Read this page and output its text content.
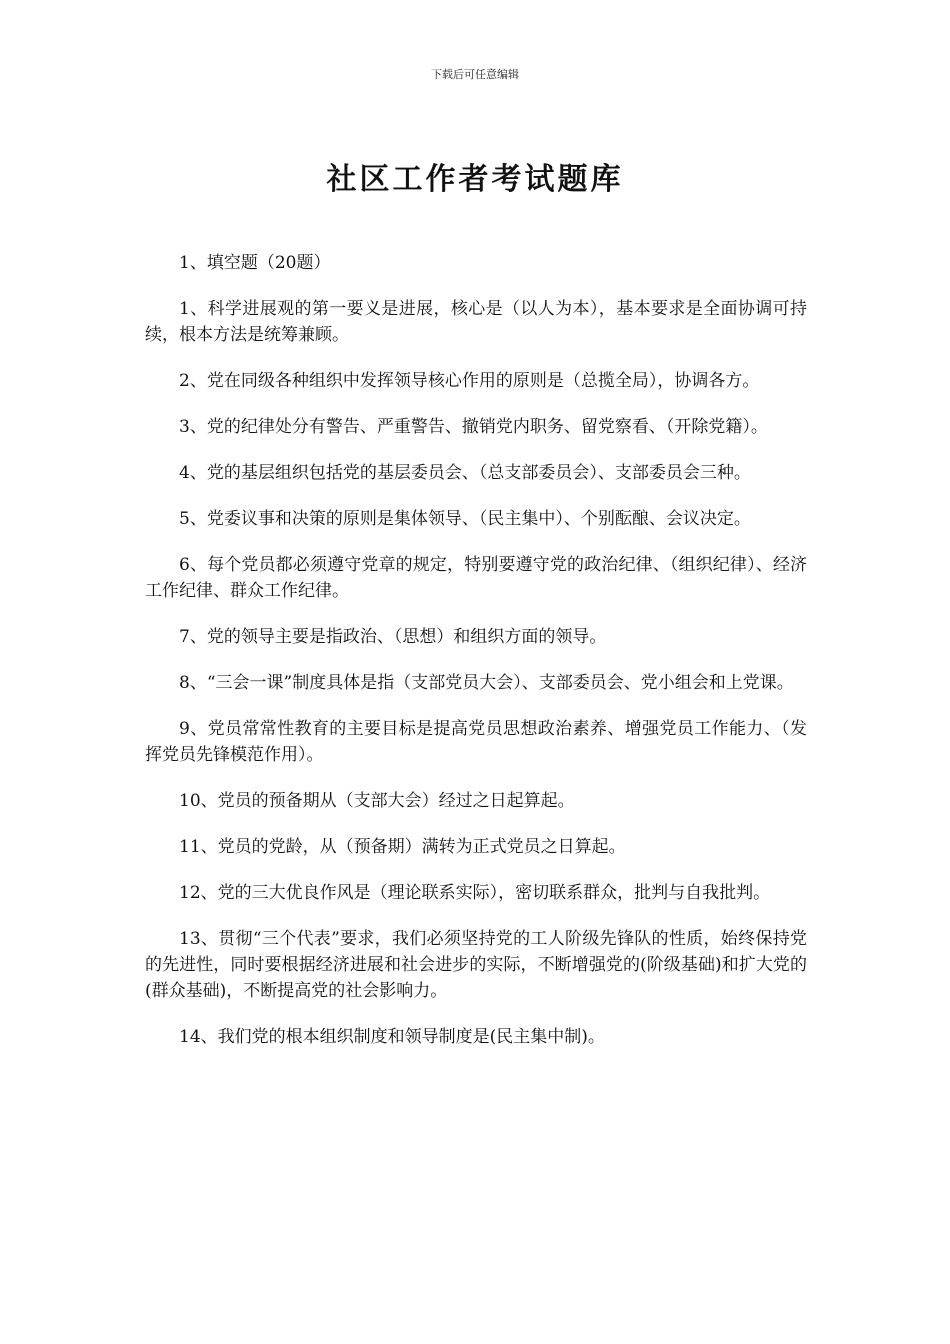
下载后可任意编辑
社区工作者考试题库

1、填空题（20题）

1、科学进展观的第一要义是进展，核心是（以人为本），基本要求是全面协调可持续，根本方法是统筹兼顾。

2、党在同级各种组织中发挥领导核心作用的原则是（总揽全局），协调各方。

3、党的纪律处分有警告、严重警告、撤销党内职务、留党察看、（开除党籍）。

4、党的基层组织包括党的基层委员会、（总支部委员会）、支部委员会三种。

5、党委议事和决策的原则是集体领导、（民主集中）、个别酝酿、会议决定。

6、每个党员都必须遵守党章的规定，特别要遵守党的政治纪律、（组织纪律）、经济工作纪律、群众工作纪律。

7、党的领导主要是指政治、（思想）和组织方面的领导。

8、“三会一课”制度具体是指（支部党员大会）、支部委员会、党小组会和上党课。

9、党员常常性教育的主要目标是提高党员思想政治素养、增强党员工作能力、（发挥党员先锋模范作用）。

10、党员的预备期从（支部大会）经过之日起算起。

11、党员的党龄，从（预备期）满转为正式党员之日算起。

12、党的三大优良作风是（理论联系实际），密切联系群众，批判与自我批判。

13、贯彻“三个代表”要求，我们必须坚持党的工人阶级先锋队的性质，始终保持党的先进性，同时要根据经济进展和社会进步的实际，不断增强党的(阶级基础)和扩大党的(群众基础)，不断提高党的社会影响力。

14、我们党的根本组织制度和领导制度是(民主集中制)。
